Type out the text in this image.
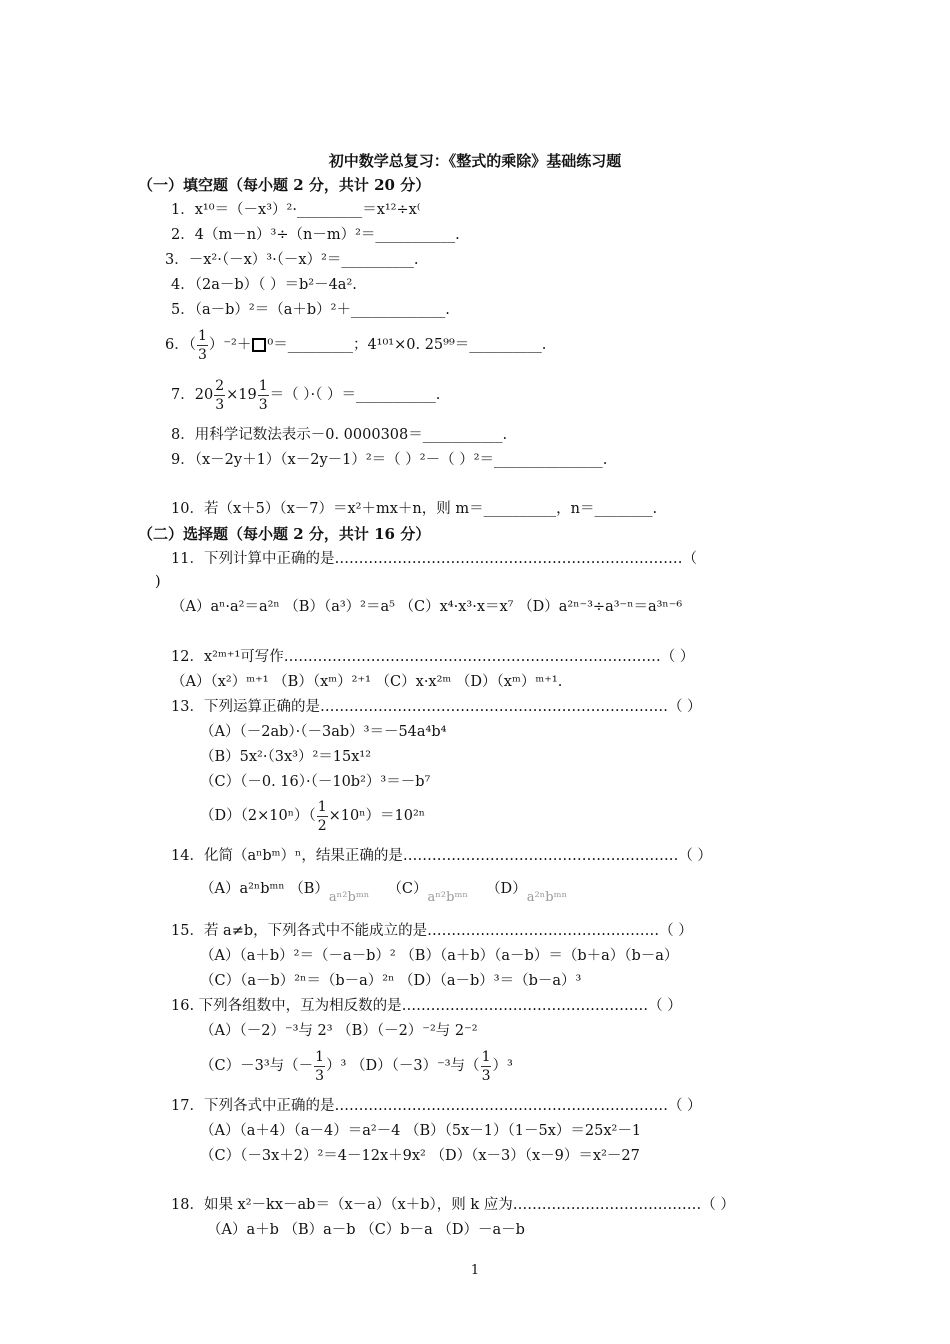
初中数学总复习：《整式的乘除》基础练习题
（一）填空题（每小题 2 分，共计 20 分）
1．x¹⁰＝（－x³）²·_________＝x¹²÷x⁽
2．4（m－n）³÷（n－m）²＝___________.
3．－x²·（－x）³·（－x）²＝__________.
4．（2a－b）（ ）＝b²－4a².
5．（a－b）²＝（a＋b）²＋_____________.
6．（ $\frac{1}{3} )^{-2}+$ ⁰＝_________；4¹⁰¹×0. 25⁹⁹＝__________.
7．$20 \frac{2}{3} \times 19 \frac{1}{3}$ ＝（ ）·（ ）＝___________.
8．用科学记数法表示－0. 0000308＝___________.
9．（x－2y＋1）（x－2y－1）²＝（ ）²－（ ）²＝_______________.
10．若（x＋5）（x－7）＝x²＋mx＋n，则 m＝__________，n＝________.
（二）选择题（每小题 2 分，共计 16 分）
11．下列计算中正确的是………………………………………………………………（
)
（A）aⁿ·a²＝a²ⁿ （B）（a³）²＝a⁵ （C）x⁴·x³·x＝x⁷ （D）a²ⁿ⁻³÷a³⁻ⁿ＝a³ⁿ⁻⁶
12．x²ᵐ⁺¹可写作……………………………………………………………………（ ）
（A）（x²）ᵐ⁺¹ （B）（xᵐ）²⁺¹ （C）x·x²ᵐ （D）（xᵐ）ᵐ⁺¹.
13．下列运算正确的是………………………………………………………………（ ）
（A）（－2ab）·（－3ab）³＝－54a⁴b⁴
（B）5x²·（3x³）²＝15x¹²
（C）（－0. 16）·（－10b²）³＝－b⁷
$(D)(2\times 10^n)( \frac{1}{2} \times 10^n)=10^{2n}$
14．化简（aⁿbᵐ）ⁿ，结果正确的是…………………………………………………（ ）
（A）a²ⁿbᵐⁿ （B）aⁿ²bᵐⁿ（C）aⁿ²bᵐⁿ（D）a²ⁿbᵐⁿ
15．若 a≠b，下列各式中不能成立的是…………………………………………（ ）
（A）（a＋b）²＝（－a－b）² （B）（a＋b）（a－b）＝（b＋a）（b－a）
（C）（a－b）²ⁿ＝（b－a）²ⁿ （D）（a－b）³＝（b－a）³
16. 下列各组数中，互为相反数的是……………………………………………（ ）
（A）（－2）⁻³与 2³ （B）（－2）⁻²与 2⁻²
（C）－3³与（－ $\frac{1}{3} )^3$ （D）（－3）⁻³与（ $\frac{1}{3} )^3$
17．下列各式中正确的是……………………………………………………………（ ）
（A）（a＋4）（a－4）＝a²－4 （B）（5x－1）（1－5x）＝25x²－1
（C）（－3x＋2）²＝4－12x＋9x² （D）（x－3）（x－9）＝x²－27
18．如果 x²－kx－ab＝（x－a）（x＋b），则 k 应为…………………………………（ ）
（A）a＋b （B）a－b （C）b－a （D）－a－b
1
